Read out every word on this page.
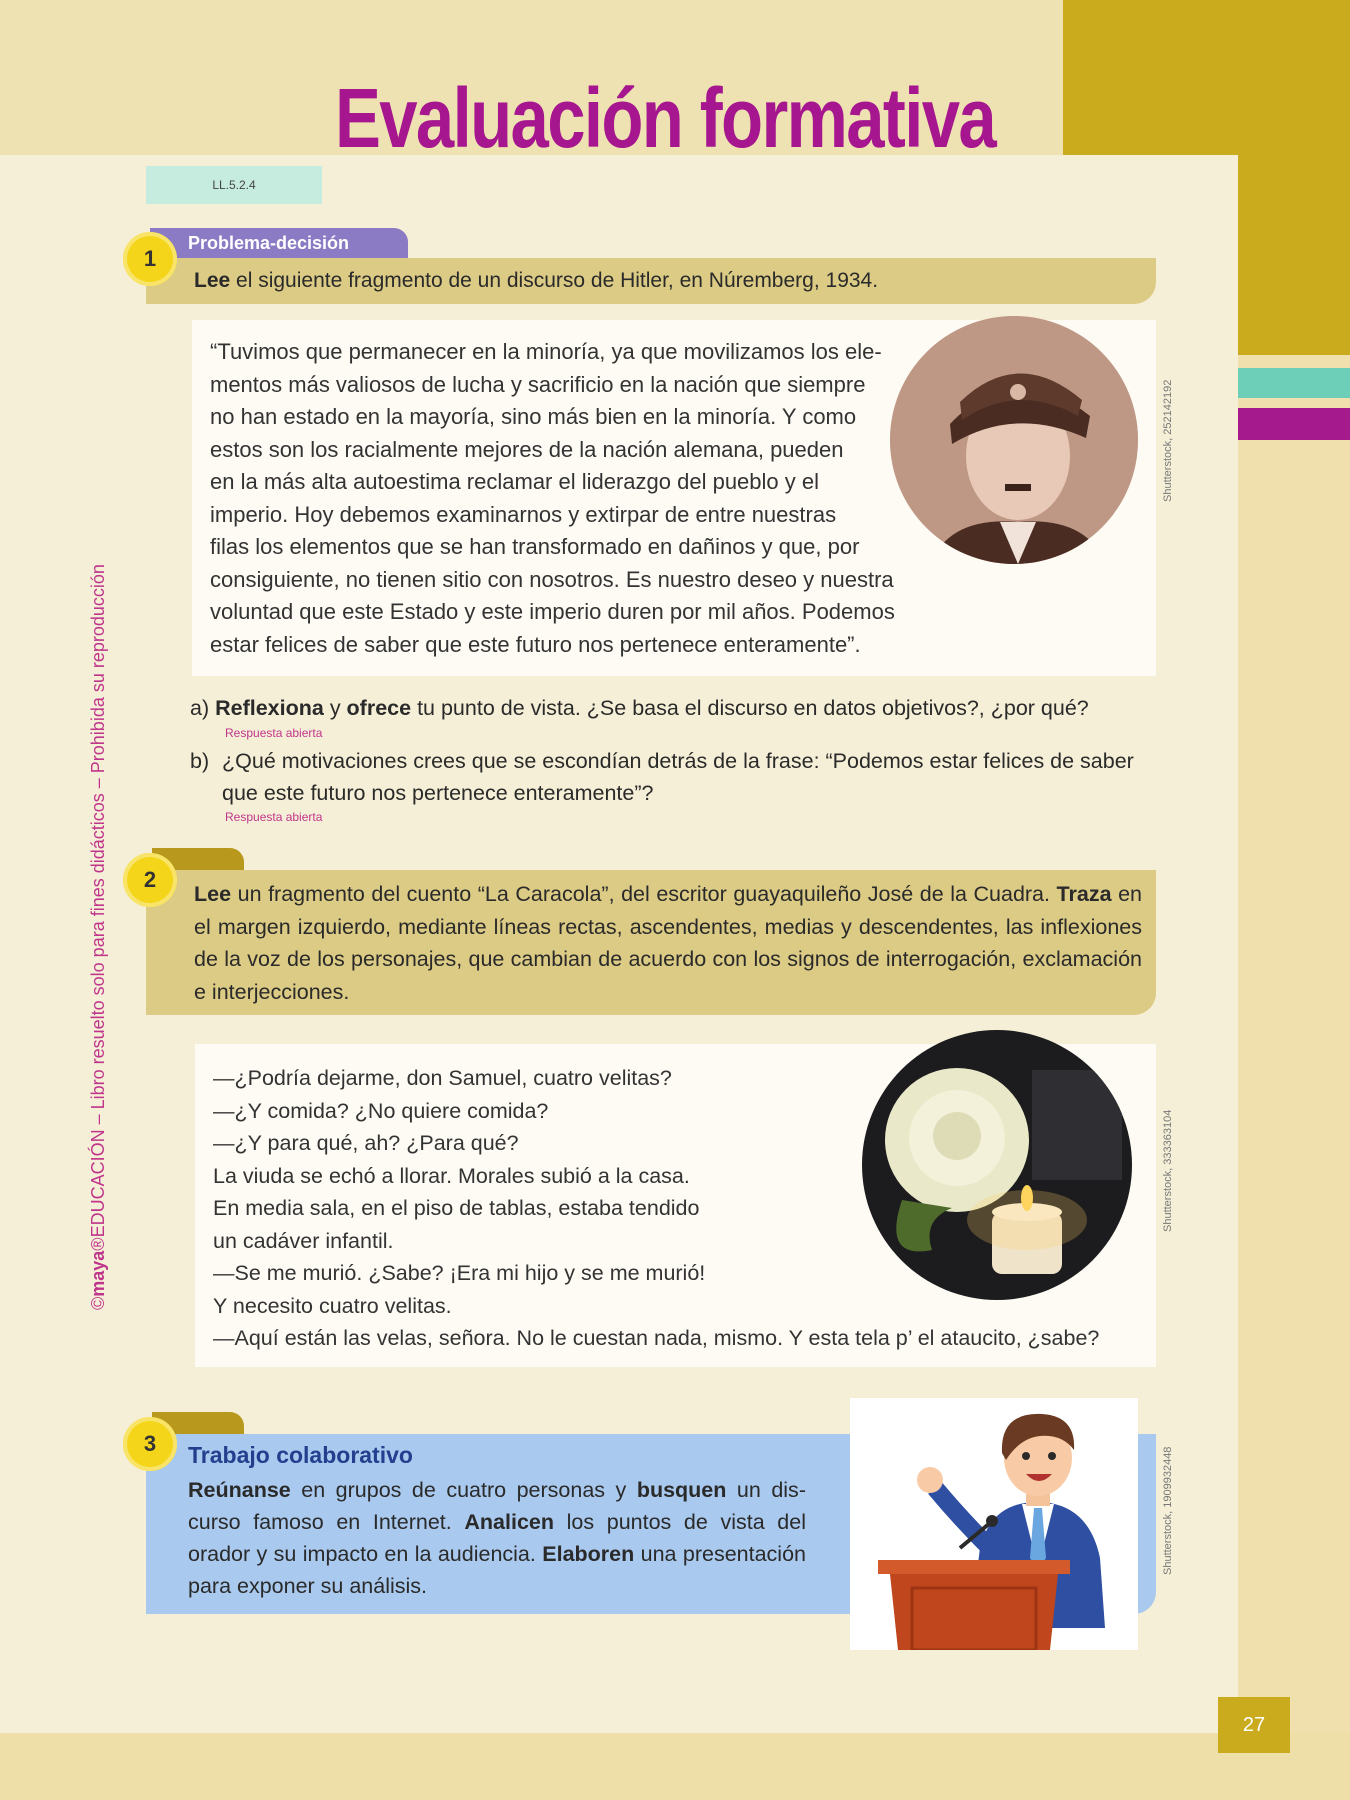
27
Evaluación formativa
LL.5.2.4
©maya®EDUCACIÓN – Libro resuelto solo para fines didácticos – Prohibida su reproducción
Problema-decisión
Lee el siguiente fragmento de un discurso de Hitler, en Núremberg, 1934.
1
“Tuvimos que permanecer en la minoría, ya que movilizamos los ele-
mentos más valiosos de lucha y sacrificio en la nación que siempre
no han estado en la mayoría, sino más bien en la minoría. Y como
estos son los racialmente mejores de la nación alemana, pueden
en la más alta autoestima reclamar el liderazgo del pueblo y el
imperio. Hoy debemos examinarnos y extirpar de entre nuestras
filas los elementos que se han transformado en dañinos y que, por
consiguiente, no tienen sitio con nosotros. Es nuestro deseo y nuestra
voluntad que este Estado y este imperio duren por mil años. Podemos
estar felices de saber que este futuro nos pertenece enteramente”.
Shutterstock, 252142192
a) Reflexiona y ofrece tu punto de vista. ¿Se basa el discurso en datos objetivos?, ¿por qué?
Respuesta abierta
b) ¿Qué motivaciones crees que se escondían detrás de la frase: “Podemos estar felices de saber
que este futuro nos pertenece enteramente”?
Respuesta abierta
Lee un fragmento del cuento “La Caracola”, del escritor guayaquileño José de la Cuadra. Traza en el margen izquierdo, mediante líneas rectas, ascendentes, medias y descendentes, las inflexiones de la voz de los personajes, que cambian de acuerdo con los signos de interrogación, exclamación e interjecciones.
2
—¿Podría dejarme, don Samuel, cuatro velitas?
—¿Y comida? ¿No quiere comida?
—¿Y para qué, ah? ¿Para qué?
La viuda se echó a llorar. Morales subió a la casa.
En media sala, en el piso de tablas, estaba tendido
un cadáver infantil.
—Se me murió. ¿Sabe? ¡Era mi hijo y se me murió!
Y necesito cuatro velitas.
—Aquí están las velas, señora. No le cuestan nada, mismo. Y esta tela p’ el ataucito, ¿sabe?
Shutterstock, 333363104
3	Trabajo colaborativo
Reúnanse en grupos de cuatro personas y busquen un discurso famoso en Internet. Analicen los puntos de vista del orador y su impacto en la audiencia. Elaboren una presentación para exponer su análisis.
Shutterstock, 1909932448
